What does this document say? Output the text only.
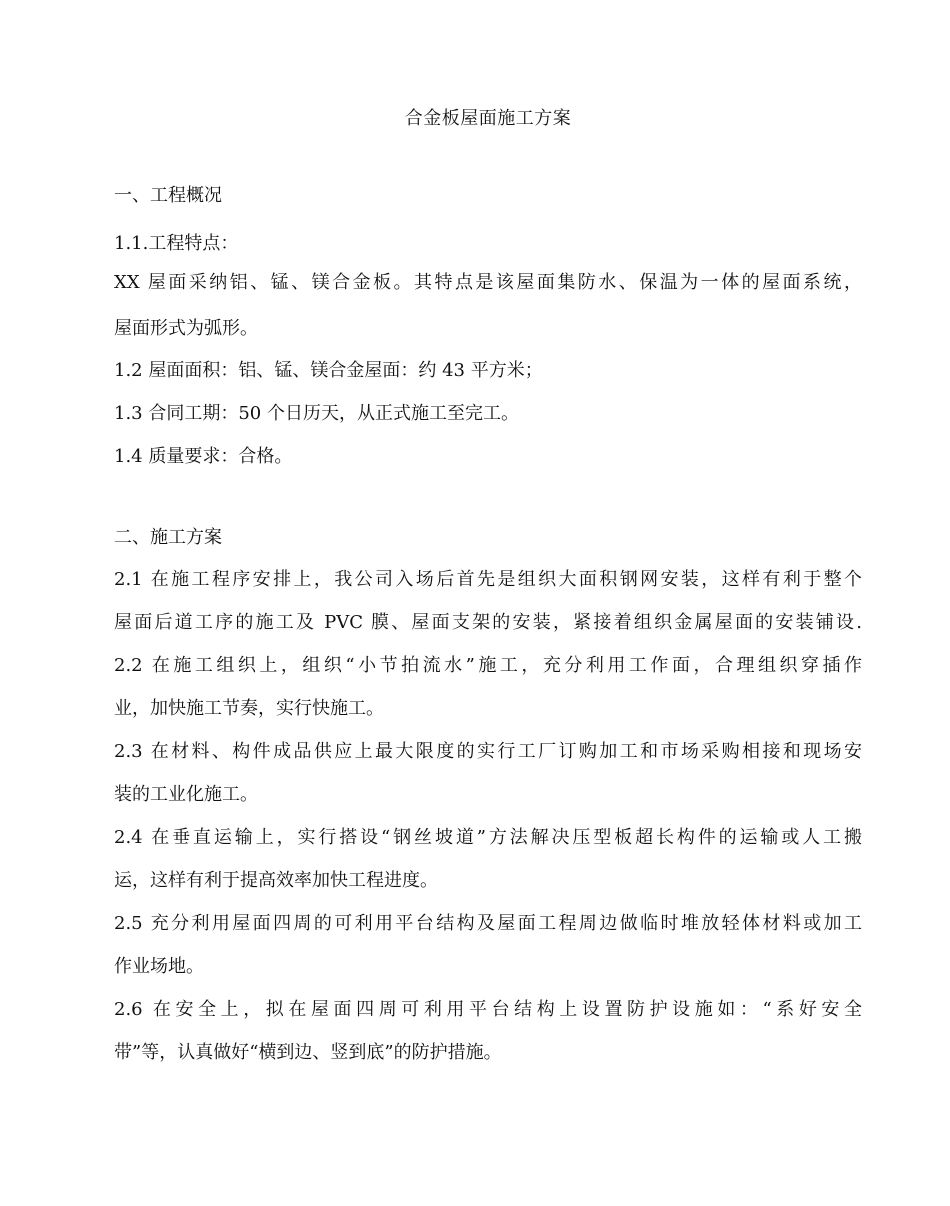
合金板屋面施工方案

一、工程概况

1.1.工程特点：

XX 屋面采纳铝、锰、镁合金板。其特点是该屋面集防水、保温为一体的屋面系统，

屋面形式为弧形。

1.2 屋面面积：铝、锰、镁合金屋面：约 43 平方米；

1.3 合同工期：50 个日历天，从正式施工至完工。

1.4 质量要求：合格。

二、施工方案

2.1 在施工程序安排上，我公司入场后首先是组织大面积钢网安装，这样有利于整个

屋面后道工序的施工及 PVC 膜、屋面支架的安装，紧接着组织金属屋面的安装铺设.

2.2 在施工组织上，组织“小节拍流水”施工，充分利用工作面，合理组织穿插作

业，加快施工节奏，实行快施工。

2.3 在材料、构件成品供应上最大限度的实行工厂订购加工和市场采购相接和现场安

装的工业化施工。

2.4 在垂直运输上，实行搭设“钢丝坡道”方法解决压型板超长构件的运输或人工搬

运，这样有利于提高效率加快工程进度。

2.5 充分利用屋面四周的可利用平台结构及屋面工程周边做临时堆放轻体材料或加工

作业场地。

2.6 在安全上，拟在屋面四周可利用平台结构上设置防护设施如：“系好安全

带”等，认真做好“横到边、竖到底”的防护措施。
